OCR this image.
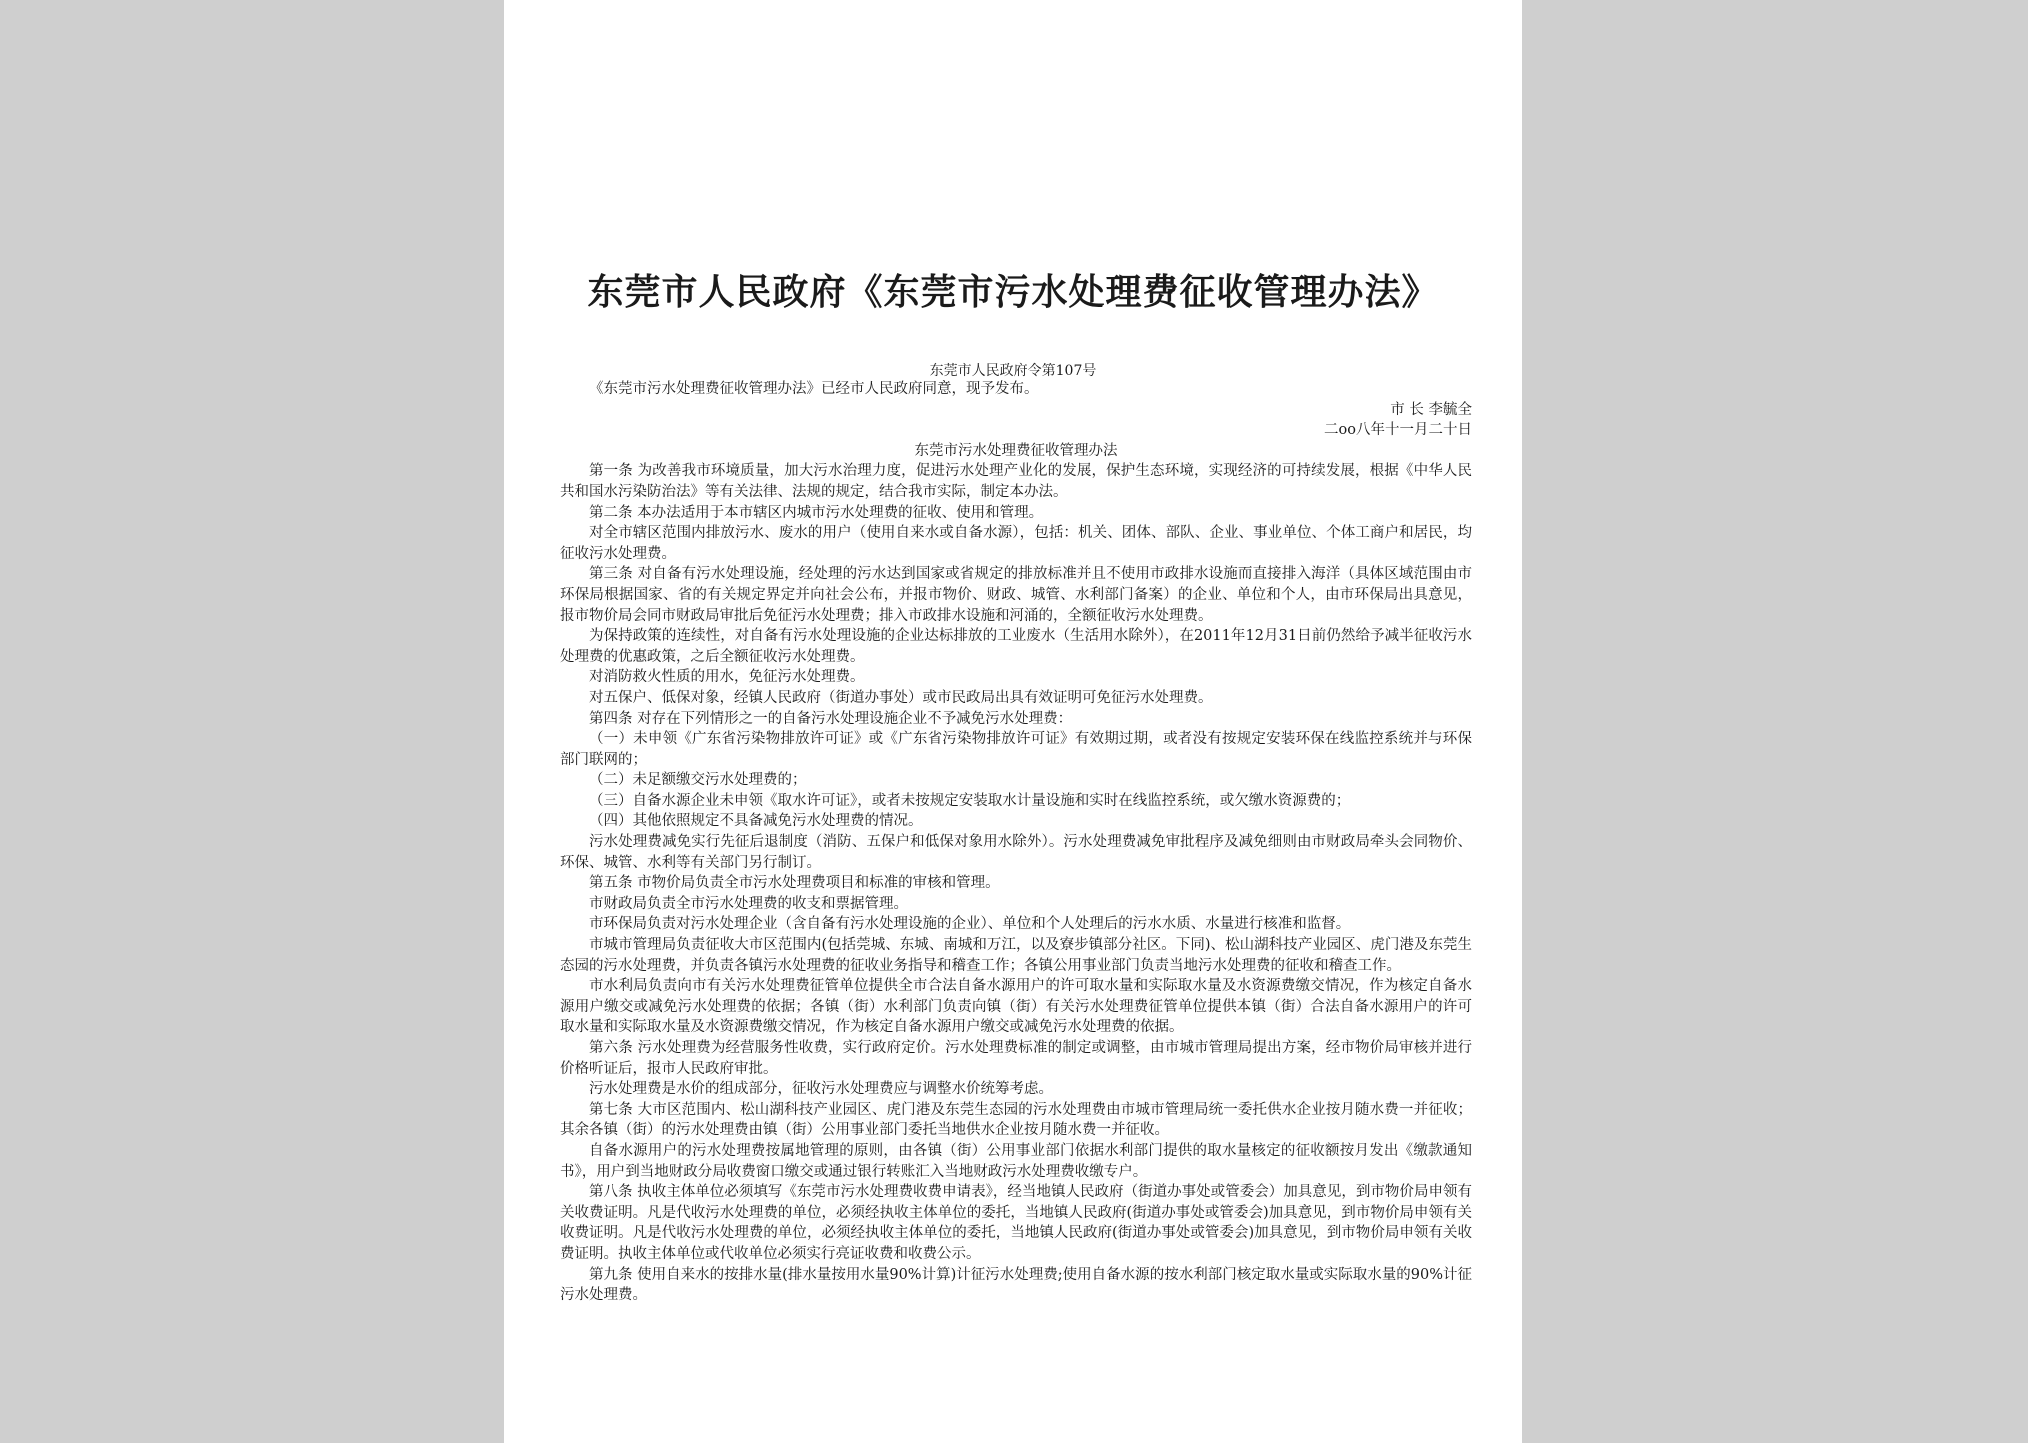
东莞市人民政府《东莞市污水处理费征收管理办法》
东莞市人民政府令第107号

《东莞市污水处理费征收管理办法》已经市人民政府同意，现予发布。

市 长 李毓全

二oo八年十一月二十日

东莞市污水处理费征收管理办法

第一条 为改善我市环境质量，加大污水治理力度，促进污水处理产业化的发展，保护生态环境，实现经济的可持续发展，根据《中华人民共和国水污染防治法》等有关法律、法规的规定，结合我市实际，制定本办法。

第二条 本办法适用于本市辖区内城市污水处理费的征收、使用和管理。

对全市辖区范围内排放污水、废水的用户（使用自来水或自备水源），包括：机关、团体、部队、企业、事业单位、个体工商户和居民，均征收污水处理费。

第三条 对自备有污水处理设施，经处理的污水达到国家或省规定的排放标准并且不使用市政排水设施而直接排入海洋（具体区域范围由市环保局根据国家、省的有关规定界定并向社会公布，并报市物价、财政、城管、水利部门备案）的企业、单位和个人，由市环保局出具意见，报市物价局会同市财政局审批后免征污水处理费；排入市政排水设施和河涌的，全额征收污水处理费。

为保持政策的连续性，对自备有污水处理设施的企业达标排放的工业废水（生活用水除外），在2011年12月31日前仍然给予减半征收污水处理费的优惠政策，之后全额征收污水处理费。

对消防救火性质的用水，免征污水处理费。

对五保户、低保对象，经镇人民政府（街道办事处）或市民政局出具有效证明可免征污水处理费。

第四条 对存在下列情形之一的自备污水处理设施企业不予减免污水处理费：

（一）未申领《广东省污染物排放许可证》或《广东省污染物排放许可证》有效期过期，或者没有按规定安装环保在线监控系统并与环保部门联网的；

（二）未足额缴交污水处理费的；

（三）自备水源企业未申领《取水许可证》，或者未按规定安装取水计量设施和实时在线监控系统，或欠缴水资源费的；

（四）其他依照规定不具备减免污水处理费的情况。

污水处理费减免实行先征后退制度（消防、五保户和低保对象用水除外）。污水处理费减免审批程序及减免细则由市财政局牵头会同物价、环保、城管、水利等有关部门另行制订。

第五条 市物价局负责全市污水处理费项目和标准的审核和管理。

市财政局负责全市污水处理费的收支和票据管理。

市环保局负责对污水处理企业（含自备有污水处理设施的企业）、单位和个人处理后的污水水质、水量进行核准和监督。

市城市管理局负责征收大市区范围内(包括莞城、东城、南城和万江，以及寮步镇部分社区。下同)、松山湖科技产业园区、虎门港及东莞生态园的污水处理费，并负责各镇污水处理费的征收业务指导和稽查工作；各镇公用事业部门负责当地污水处理费的征收和稽查工作。

市水利局负责向市有关污水处理费征管单位提供全市合法自备水源用户的许可取水量和实际取水量及水资源费缴交情况，作为核定自备水源用户缴交或减免污水处理费的依据；各镇（街）水利部门负责向镇（街）有关污水处理费征管单位提供本镇（街）合法自备水源用户的许可取水量和实际取水量及水资源费缴交情况，作为核定自备水源用户缴交或减免污水处理费的依据。

第六条 污水处理费为经营服务性收费，实行政府定价。污水处理费标准的制定或调整，由市城市管理局提出方案，经市物价局审核并进行价格听证后，报市人民政府审批。

污水处理费是水价的组成部分，征收污水处理费应与调整水价统筹考虑。

第七条 大市区范围内、松山湖科技产业园区、虎门港及东莞生态园的污水处理费由市城市管理局统一委托供水企业按月随水费一并征收；其余各镇（街）的污水处理费由镇（街）公用事业部门委托当地供水企业按月随水费一并征收。

自备水源用户的污水处理费按属地管理的原则，由各镇（街）公用事业部门依据水利部门提供的取水量核定的征收额按月发出《缴款通知书》，用户到当地财政分局收费窗口缴交或通过银行转账汇入当地财政污水处理费收缴专户。

第八条 执收主体单位必须填写《东莞市污水处理费收费申请表》，经当地镇人民政府（街道办事处或管委会）加具意见，到市物价局申领有关收费证明。凡是代收污水处理费的单位，必须经执收主体单位的委托，当地镇人民政府(街道办事处或管委会)加具意见，到市物价局申领有关收费证明。凡是代收污水处理费的单位，必须经执收主体单位的委托，当地镇人民政府(街道办事处或管委会)加具意见，到市物价局申领有关收费证明。执收主体单位或代收单位必须实行亮证收费和收费公示。

第九条 使用自来水的按排水量(排水量按用水量90%计算)计征污水处理费;使用自备水源的按水利部门核定取水量或实际取水量的90%计征污水处理费。
